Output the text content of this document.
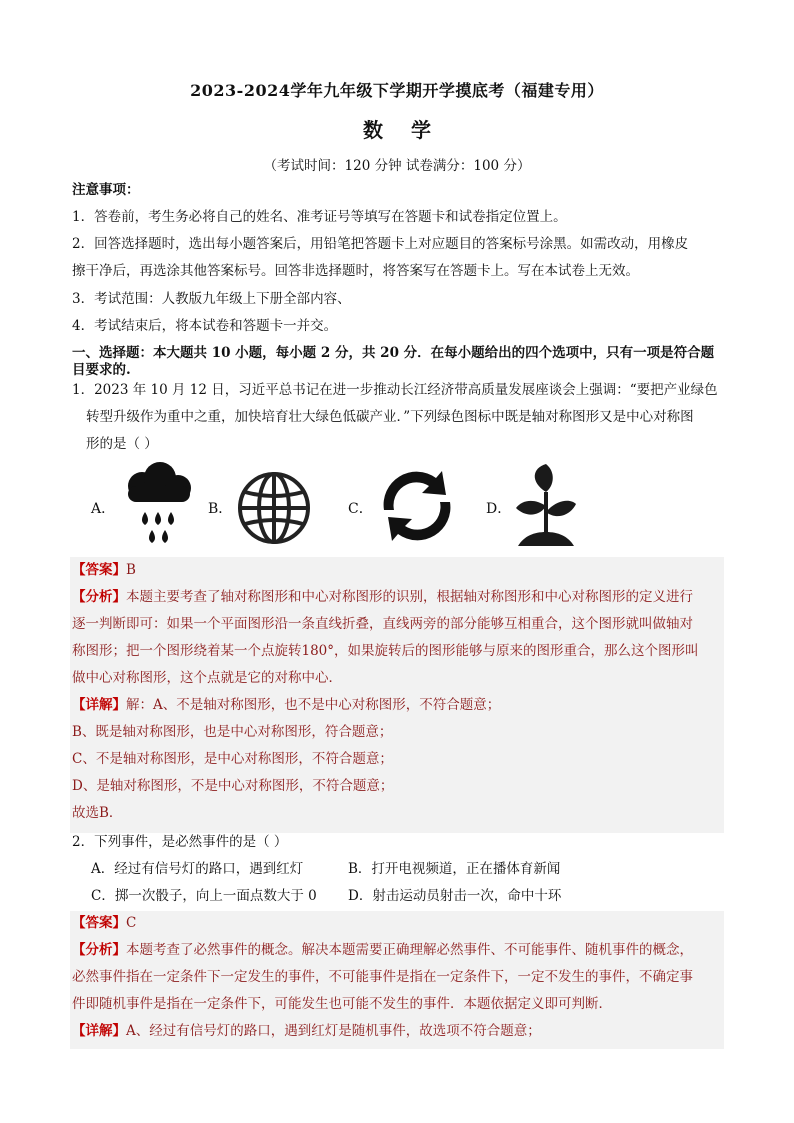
2023-2024学年九年级下学期开学摸底考（福建专用）
数学
（考试时间：120 分钟 试卷满分：100 分）
注意事项：
1．答卷前，考生务必将自己的姓名、准考证号等填写在答题卡和试卷指定位置上。
2．回答选择题时，选出每小题答案后，用铅笔把答题卡上对应题目的答案标号涂黑。如需改动，用橡皮
擦干净后，再选涂其他答案标号。回答非选择题时，将答案写在答题卡上。写在本试卷上无效。
3．考试范围：人教版九年级上下册全部内容、
4．考试结束后，将本试卷和答题卡一并交。
一、选择题：本大题共 10 小题，每小题 2 分，共 20 分．在每小题给出的四个选项中，只有一项是符合题
目要求的.
1．2023 年 10 月 12 日，习近平总书记在进一步推动长江经济带高质量发展座谈会上强调：“要把产业绿色
转型升级作为重中之重，加快培育壮大绿色低碳产业．”下列绿色图标中既是轴对称图形又是中心对称图
形的是（ ）
A．	B．	C．	D．
【答案】B
【分析】本题主要考查了轴对称图形和中心对称图形的识别，根据轴对称图形和中心对称图形的定义进行
逐一判断即可：如果一个平面图形沿一条直线折叠，直线两旁的部分能够互相重合，这个图形就叫做轴对
称图形；把一个图形绕着某一个点旋转180°，如果旋转后的图形能够与原来的图形重合，那么这个图形叫
做中心对称图形，这个点就是它的对称中心．
【详解】解：A、不是轴对称图形，也不是中心对称图形，不符合题意；
B、既是轴对称图形，也是中心对称图形，符合题意；
C、不是轴对称图形，是中心对称图形，不符合题意；
D、是轴对称图形，不是中心对称图形，不符合题意；
故选B．
2．下列事件，是必然事件的是（ ）
A．经过有信号灯的路口，遇到红灯	B．打开电视频道，正在播体育新闻
C．掷一次骰子，向上一面点数大于 0 D．射击运动员射击一次，命中十环
【答案】C
【分析】本题考查了必然事件的概念。解决本题需要正确理解必然事件、不可能事件、随机事件的概念，
必然事件指在一定条件下一定发生的事件，不可能事件是指在一定条件下，一定不发生的事件，不确定事
件即随机事件是指在一定条件下，可能发生也可能不发生的事件．本题依据定义即可判断．
【详解】A、经过有信号灯的路口，遇到红灯是随机事件，故选项不符合题意；
